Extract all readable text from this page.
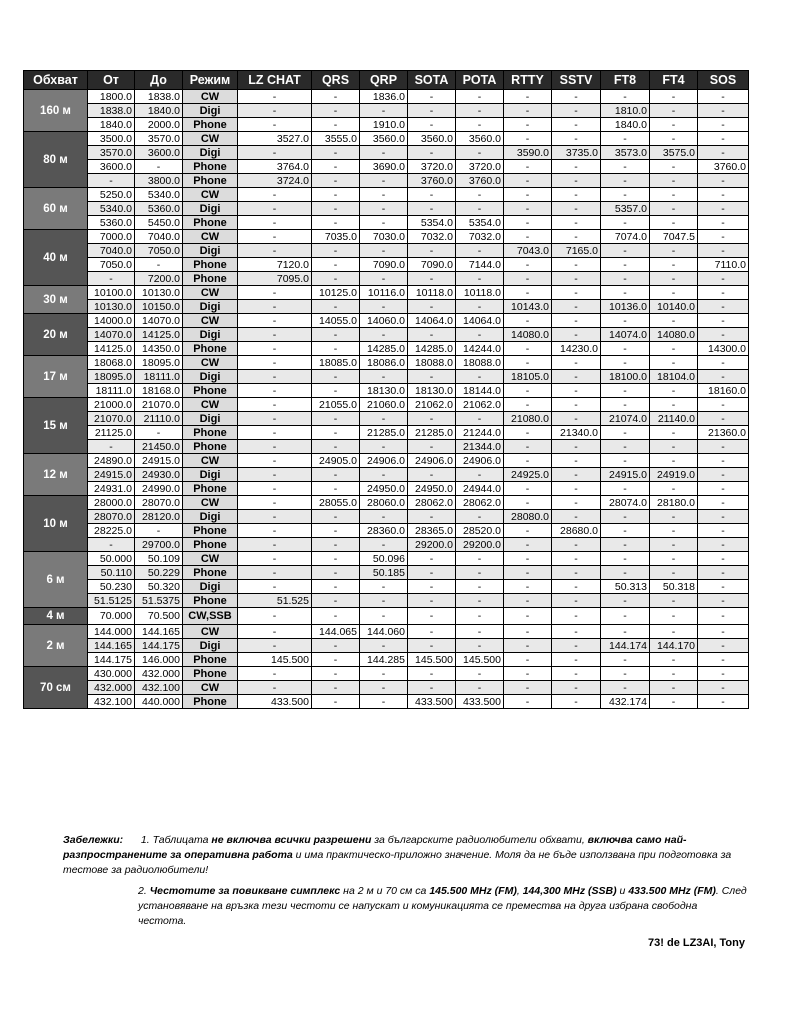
Обхват	От	До	Режим	LZ CHAT	QRS	QRP	SOTA	POTA	RTTY	SSTV	FT8	FT4	SOS
160 м	1800.0	1838.0	CW	-	-	1836.0	-	-	-	-	-	-	-
	1838.0	1840.0	Digi	-	-	-	-	-	-	-	1810.0	-	-
	1840.0	2000.0	Phone	-	-	1910.0	-	-	-	-	1840.0	-	-
80 м	3500.0	3570.0	CW	3527.0	3555.0	3560.0	3560.0	3560.0	-	-	-	-	-
	3570.0	3600.0	Digi	-	-	-	-	-	3590.0	3735.0	3573.0	3575.0	-
	3600.0	-	Phone	3764.0	-	3690.0	3720.0	3720.0	-	-	-	-	3760.0
	-	3800.0	Phone	3724.0	-	-	3760.0	3760.0	-	-	-	-	-
60 м	5250.0	5340.0	CW	-	-	-	-	-	-	-	-	-	-
	5340.0	5360.0	Digi	-	-	-	-	-	-	-	5357.0	-	-
	5360.0	5450.0	Phone	-	-	-	5354.0	5354.0	-	-	-	-	-
40 м	7000.0	7040.0	CW	-	7035.0	7030.0	7032.0	7032.0	-	-	7074.0	7047.5	-
	7040.0	7050.0	Digi	-	-	-	-	-	7043.0	7165.0	-	-	-
	7050.0	-	Phone	7120.0	-	7090.0	7090.0	7144.0	-	-	-	-	7110.0
	-	7200.0	Phone	7095.0	-	-	-	-	-	-	-	-	-
30 м	10100.0	10130.0	CW	-	10125.0	10116.0	10118.0	10118.0	-	-	-	-	-
	10130.0	10150.0	Digi	-	-	-	-	-	10143.0	-	10136.0	10140.0	-
20 м	14000.0	14070.0	CW	-	14055.0	14060.0	14064.0	14064.0	-	-	-	-	-
	14070.0	14125.0	Digi	-	-	-	-	-	14080.0	-	14074.0	14080.0	-
	14125.0	14350.0	Phone	-	-	14285.0	14285.0	14244.0	-	14230.0	-	-	14300.0
17 м	18068.0	18095.0	CW	-	18085.0	18086.0	18088.0	18088.0	-	-	-	-	-
	18095.0	18111.0	Digi	-	-	-	-	-	18105.0	-	18100.0	18104.0	-
	18111.0	18168.0	Phone	-	-	18130.0	18130.0	18144.0	-	-	-	-	18160.0
15 м	21000.0	21070.0	CW	-	21055.0	21060.0	21062.0	21062.0	-	-	-	-	-
	21070.0	21110.0	Digi	-	-	-	-	-	21080.0	-	21074.0	21140.0	-
	21125.0	-	Phone	-	-	21285.0	21285.0	21244.0	-	21340.0	-	-	21360.0
	-	21450.0	Phone	-	-	-	-	21344.0	-	-	-	-	-
12 м	24890.0	24915.0	CW	-	24905.0	24906.0	24906.0	24906.0	-	-	-	-	-
	24915.0	24930.0	Digi	-	-	-	-	-	24925.0	-	24915.0	24919.0	-
	24931.0	24990.0	Phone	-	-	24950.0	24950.0	24944.0	-	-	-	-	-
10 м	28000.0	28070.0	CW	-	28055.0	28060.0	28062.0	28062.0	-	-	28074.0	28180.0	-
	28070.0	28120.0	Digi	-	-	-	-	-	28080.0	-	-	-	-
	28225.0	-	Phone	-	-	28360.0	28365.0	28520.0	-	28680.0	-	-	-
	-	29700.0	Phone	-	-	-	29200.0	29200.0	-	-	-	-	-
6 м	50.000	50.109	CW	-	-	50.096	-	-	-	-	-	-	-
	50.110	50.229	Phone	-	-	50.185	-	-	-	-	-	-	-
	50.230	50.320	Digi	-	-	-	-	-	-	-	50.313	50.318	-
	51.5125	51.5375	Phone	51.525	-	-	-	-	-	-	-	-	-
4 м	70.000	70.500	CW,SSB	-	-	-	-	-	-	-	-	-	-
2 м	144.000	144.165	CW	-	144.065	144.060	-	-	-	-	-	-	-
	144.165	144.175	Digi	-	-	-	-	-	-	-	144.174	144.170	-
	144.175	146.000	Phone	145.500	-	144.285	145.500	145.500	-	-	-	-	-
70 см	430.000	432.000	Phone	-	-	-	-	-	-	-	-	-	-
	432.000	432.100	CW	-	-	-	-	-	-	-	-	-	-
	432.100	440.000	Phone	433.500	-	-	433.500	433.500	-	-	432.174	-	-
Забележки: 1. Таблицата не включва всички разрешени за българските радиолюбители обхвати, включва само най-разпространените за оперативна работа и има практическо-приложно значение. Моля да не бъде използвана при подготовка за тестове за радиолюбители!
2. Честотите за повикване симплекс на 2 м и 70 см са 145.500 MHz (FM), 144,300 MHz (SSB) и 433.500 MHz (FM). След установяване на връзка тези честоти се напускат и комуникацията се премества на друга избрана свободна честота.
73! de LZ3AI, Tony
